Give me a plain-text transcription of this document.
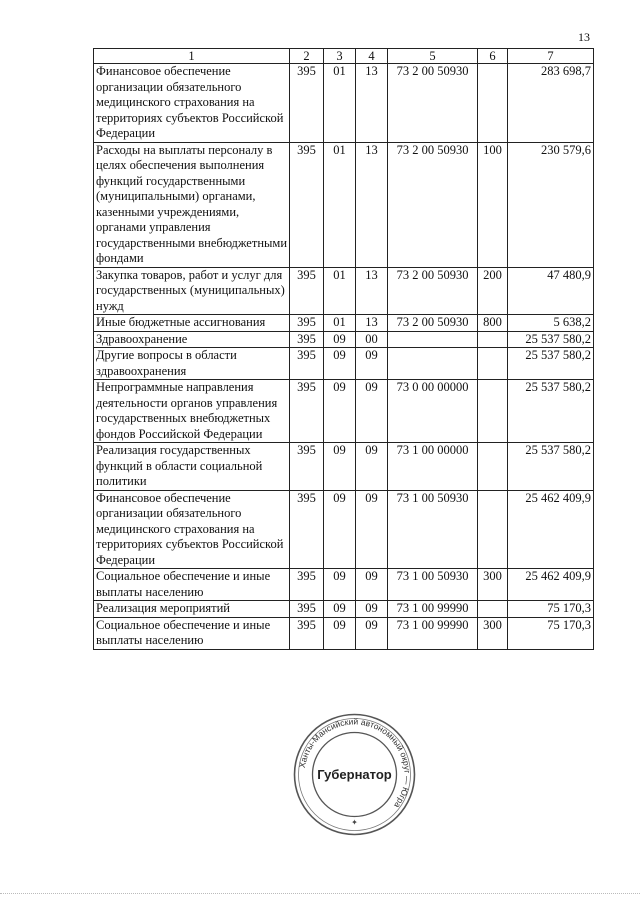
13
1	2	3	4	5	6	7
Финансовое обеспечение организации обязательного медицинского страхования на территориях субъектов Российской Федерации	395	01	13	73 2 00 50930		283 698,7
Расходы на выплаты персоналу в целях обеспечения выполнения функций государственными (муниципальными) органами, казенными учреждениями, органами управления государственными внебюджетными фондами	395	01	13	73 2 00 50930	100	230 579,6
Закупка товаров, работ и услуг для государственных (муниципальных) нужд	395	01	13	73 2 00 50930	200	47 480,9
Иные бюджетные ассигнования	395	01	13	73 2 00 50930	800	5 638,2
Здравоохранение	395	09	00			25 537 580,2
Другие вопросы в области здравоохранения	395	09	09			25 537 580,2
Непрограммные направления деятельности органов управления государственных внебюджетных фондов Российской Федерации	395	09	09	73 0 00 00000		25 537 580,2
Реализация государственных функций в области социальной политики	395	09	09	73 1 00 00000		25 537 580,2
Финансовое обеспечение организации обязательного медицинского страхования на территориях субъектов Российской Федерации	395	09	09	73 1 00 50930		25 462 409,9
Социальное обеспечение и иные выплаты населению	395	09	09	73 1 00 50930	300	25 462 409,9
Реализация мероприятий	395	09	09	73 1 00 99990		75 170,3
Социальное обеспечение и иные выплаты населению	395	09	09	73 1 00 99990	300	75 170,3
Ханты-Мансийский автономный округ — Югра
Губернатор
✦
